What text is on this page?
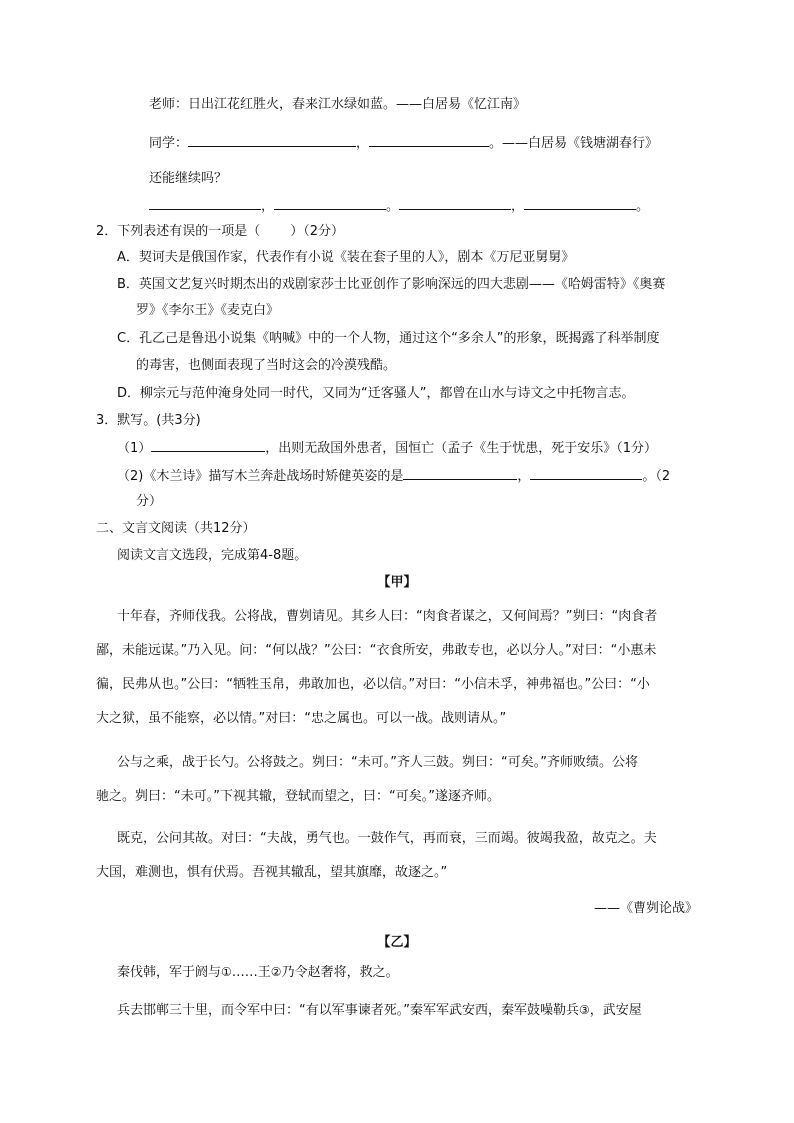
老师：日出江花红胜火，春来江水绿如蓝。——白居易《忆江南》
同学：	，	。——白居易《钱塘湖春行》
还能继续吗？
，	。	，	。
2．下列表述有误的一项是（ ）（2分）
A．契诃夫是俄国作家，代表作有小说《装在套子里的人》，剧本《万尼亚舅舅》
B．英国文艺复兴时期杰出的戏剧家莎士比亚创作了影响深远的四大悲剧——《哈姆雷特》《奥赛
罗》《李尔王》《麦克白》
C．孔乙己是鲁迅小说集《呐喊》中的一个人物，通过这个“多余人”的形象，既揭露了科举制度
的毒害，也侧面表现了当时这会的冷漠残酷。
D．柳宗元与范仲淹身处同一时代，又同为“迁客骚人”，都曾在山水与诗文之中托物言志。
3．默写。(共3分)
（1）	，出则无敌国外患者，国恒亡（孟子《生于忧患，死于安乐》（1分）
（2)《木兰诗》描写木兰奔赴战场时矫健英姿的是	，	。（2
分）
二、文言文阅读（共12分）
阅读文言文选段，完成第4-8题。
【甲】
十年春，齐师伐我。公将战，曹刿请见。其乡人曰：“肉食者谋之，又何间焉？”刿曰：“肉食者
鄙，未能远谋。”乃入见。问：“何以战？”公曰：“衣食所安，弗敢专也，必以分人。”对曰：“小惠未
徧，民弗从也。”公曰：“牺牲玉帛，弗敢加也，必以信。”对曰：“小信未孚，神弗福也。”公曰：“小
大之狱，虽不能察，必以情。”对曰：“忠之属也。可以一战。战则请从。”
公与之乘，战于长勺。公将鼓之。刿曰：“未可。”齐人三鼓。刿曰：“可矣。”齐师败绩。公将
驰之。刿曰：“未可。”下视其辙，登轼而望之，曰：“可矣。”遂逐齐师。
既克，公问其故。对曰：“夫战，勇气也。一鼓作气，再而衰，三而竭。彼竭我盈，故克之。夫
大国，难测也，惧有伏焉。吾视其辙乱，望其旗靡，故逐之。”
——《曹刿论战》
【乙】
秦伐韩，军于阏与①……王②乃令赵奢将，救之。
兵去邯郸三十里，而令军中曰：“有以军事谏者死。”秦军军武安西，秦军鼓噪勒兵③，武安屋
